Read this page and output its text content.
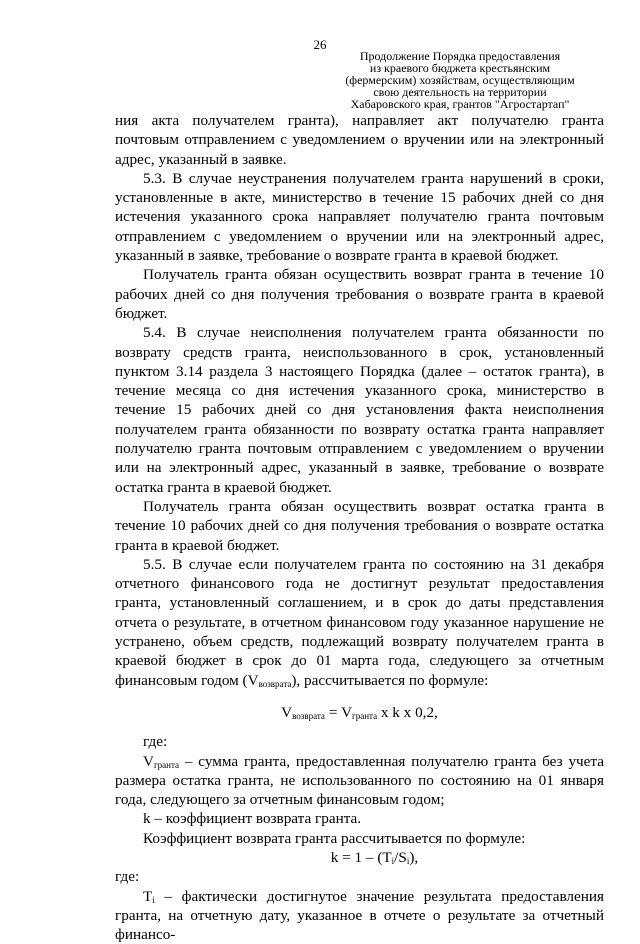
26
Продолжение Порядка предоставления
из краевого бюджета крестьянским
(фермерским) хозяйствам, осуществляющим
свою деятельность на территории
Хабаровского края, грантов "Агростартап"

ния акта получателем гранта), направляет акт получателю гранта почтовым отправлением с уведомлением о вручении или на электронный адрес, указанный в заявке.

5.3. В случае неустранения получателем гранта нарушений в сроки, установленные в акте, министерство в течение 15 рабочих дней со дня истечения указанного срока направляет получателю гранта почтовым отправлением с уведомлением о вручении или на электронный адрес, указанный в заявке, требование о возврате гранта в краевой бюджет.

Получатель гранта обязан осуществить возврат гранта в течение 10 рабочих дней со дня получения требования о возврате гранта в краевой бюджет.

5.4. В случае неисполнения получателем гранта обязанности по возврату средств гранта, неиспользованного в срок, установленный пунктом 3.14 раздела 3 настоящего Порядка (далее – остаток гранта), в течение месяца со дня истечения указанного срока, министерство в течение 15 рабочих дней со дня установления факта неисполнения получателем гранта обязанности по возврату остатка гранта направляет получателю гранта почтовым отправлением с уведомлением о вручении или на электронный адрес, указанный в заявке, требование о возврате остатка гранта в краевой бюджет.

Получатель гранта обязан осуществить возврат остатка гранта в течение 10 рабочих дней со дня получения требования о возврате остатка гранта в краевой бюджет.

5.5. В случае если получателем гранта по состоянию на 31 декабря отчетного финансового года не достигнут результат предоставления гранта, установленный соглашением, и в срок до даты представления отчета о результате, в отчетном финансовом году указанное нарушение не устранено, объем средств, подлежащий возврату получателем гранта в краевой бюджет в срок до 01 марта года, следующего за отчетным финансовым годом $(V_{возврата})$, рассчитывается по формуле:

$V_{возврата} = V_{гранта}$ x k x 0,2,

где:

$V_{гранта}$ – сумма гранта, предоставленная получателю гранта без учета размера остатка гранта, не использованного по состоянию на 01 января года, следующего за отчетным финансовым годом;

k – коэффициент возврата гранта.

Коэффициент возврата гранта рассчитывается по формуле:

$k = 1 - (T_i/S_i)$,

где:

$T_i$ – фактически достигнутое значение результата предоставления гранта, на отчетную дату, указанное в отчете о результате за отчетный финансо-
